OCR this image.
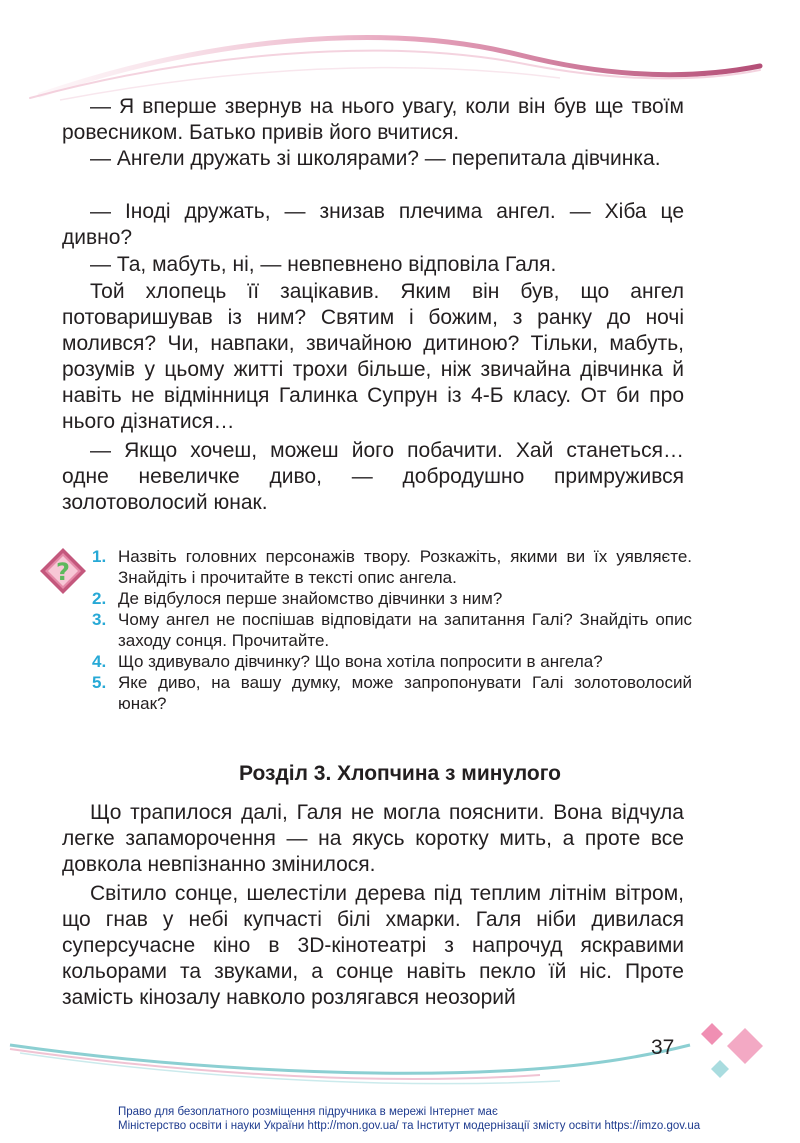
— Я вперше звернув на нього увагу, коли він був ще твоїм ровесником. Батько привів його вчитися.

— Ангели дружать зі школярами? — перепитала дівчинка.

— Іноді дружать, — знизав плечима ангел. — Хіба це дивно?

— Та, мабуть, ні, — невпевнено відповіла Галя.

Той хлопець її зацікавив. Яким він був, що ангел потоваришував із ним? Святим і божим, з ранку до ночі молився? Чи, навпаки, звичайною дитиною? Тільки, мабуть, розумів у цьому житті трохи більше, ніж звичайна дівчинка й навіть не відмінниця Галинка Супрун із 4-Б класу. От би про нього дізнатися…

— Якщо хочеш, можеш його побачити. Хай станеться… одне невеличке диво, — добродушно примружився золотоволосий юнак.

?
1. Назвіть головних персонажів твору. Розкажіть, якими ви їх уявляєте. Знайдіть і прочитайте в тексті опис ангела.
2. Де відбулося перше знайомство дівчинки з ним?
3. Чому ангел не поспішав відповідати на запитання Галі? Знайдіть опис заходу сонця. Прочитайте.
4. Що здивувало дівчинку? Що вона хотіла попросити в ангела?
5. Яке диво, на вашу думку, може запропонувати Галі золотоволосий юнак?
Розділ 3. Хлопчина з минулого

Що трапилося далі, Галя не могла пояснити. Вона відчула легке запаморочення — на якусь коротку мить, а проте все довкола невпізнанно змінилося.

Світило сонце, шелестіли дерева під теплим літнім вітром, що гнав у небі купчасті білі хмарки. Галя ніби дивилася суперсучасне кіно в 3D-кінотеатрі з напрочуд яскравими кольорами та звуками, а сонце навіть пекло їй ніс. Проте замість кінозалу навколо розлягався неозорий

37
Право для безоплатного розміщення підручника в мережі Інтернет має
Міністерство освіти і науки України http://mon.gov.ua/ та Інститут модернізації змісту освіти https://imzo.gov.ua
